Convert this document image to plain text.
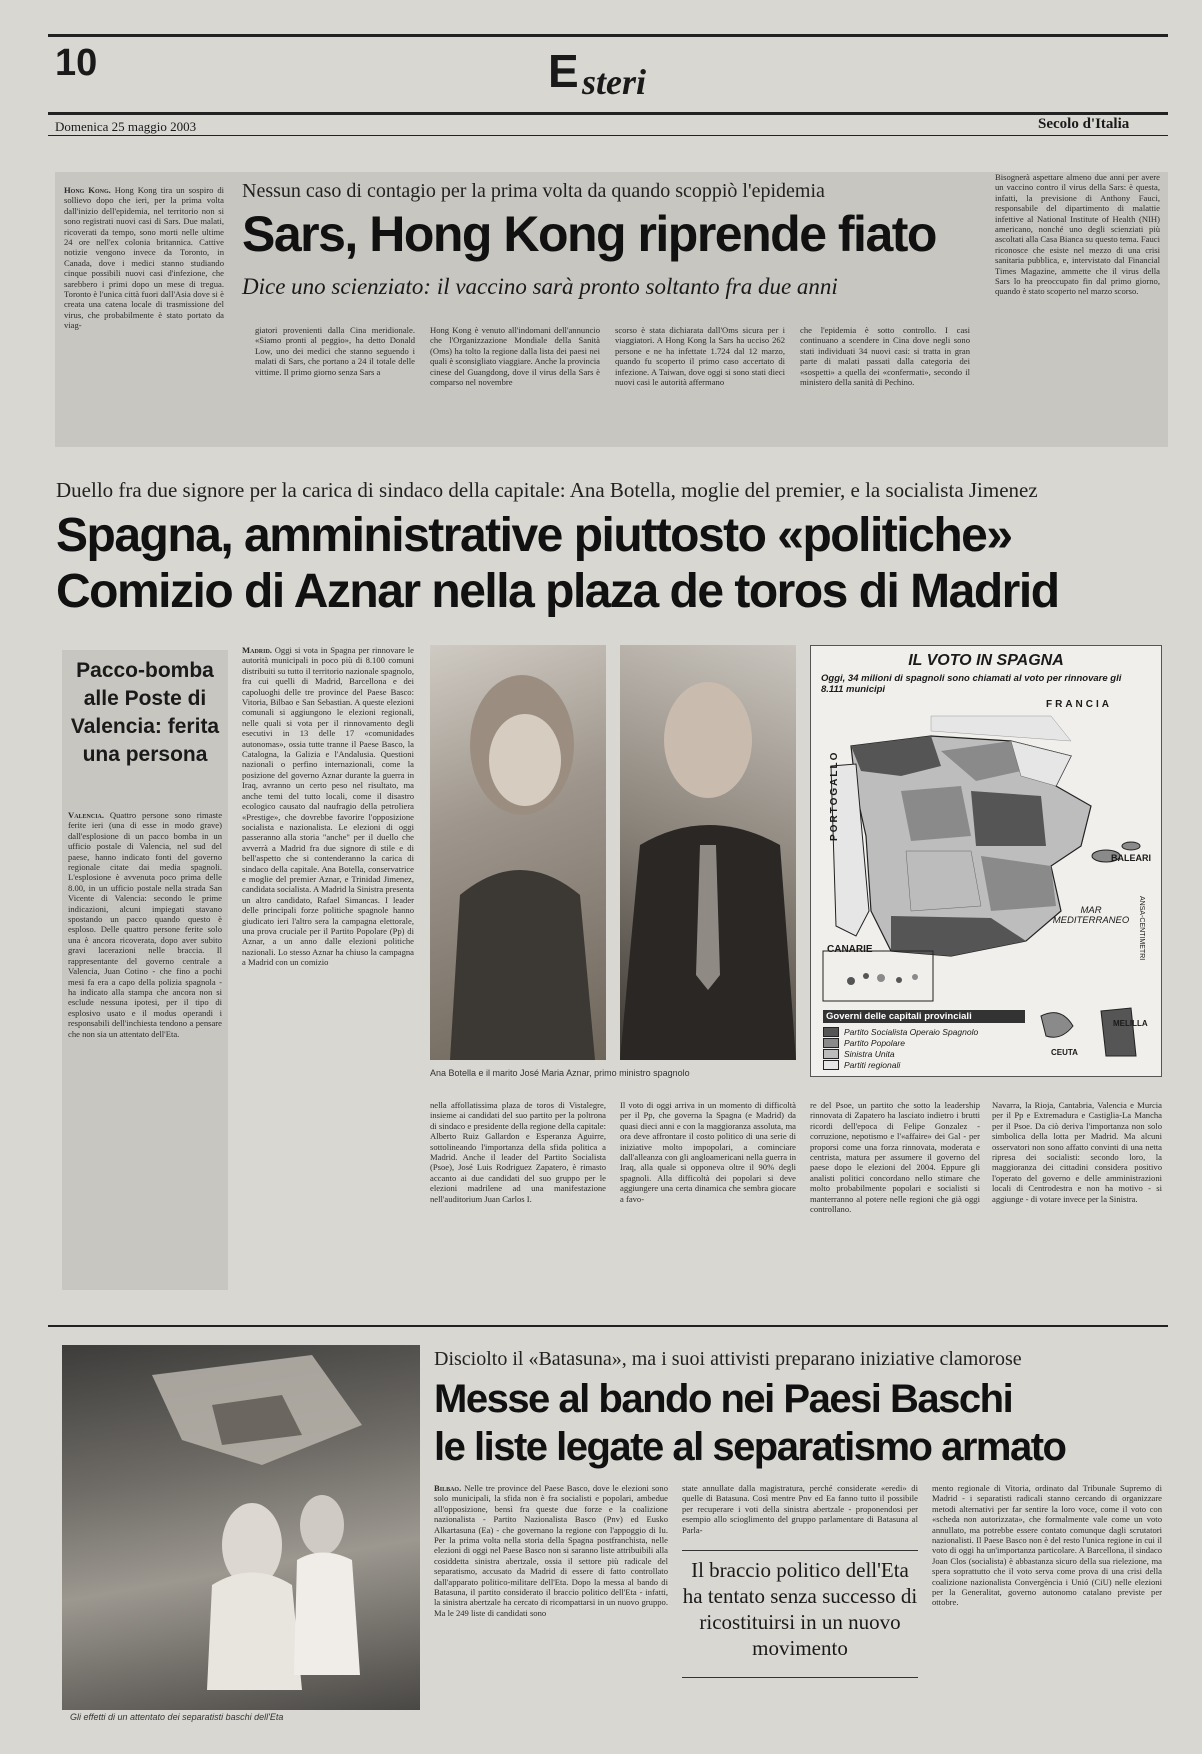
10	E steri
Domenica 25 maggio 2003	Secolo d'Italia
Hong Kong. Hong Kong tira un sospiro di sollievo dopo che ieri, per la prima volta dall'inizio dell'epidemia, nel territorio non si sono registrati nuovi casi di Sars. Due malati, ricoverati da tempo, sono morti nelle ultime 24 ore nell'ex colonia britannica. Cattive notizie vengono invece da Toronto, in Canada, dove i medici stanno studiando cinque possibili nuovi casi d'infezione, che sarebbero i primi dopo un mese di tregua. Toronto è l'unica città fuori dall'Asia dove si è creata una catena locale di trasmissione del virus, che probabilmente è stato portato da viag-
Nessun caso di contagio per la prima volta da quando scoppiò l'epidemia
Sars, Hong Kong riprende fiato
Dice uno scienziato: il vaccino sarà pronto soltanto fra due anni
giatori provenienti dalla Cina meridionale. «Siamo pronti al peggio», ha detto Donald Low, uno dei medici che stanno seguendo i malati di Sars, che portano a 24 il totale delle vittime. Il primo giorno senza Sars a
Hong Kong è venuto all'indomani dell'annuncio che l'Organizzazione Mondiale della Sanità (Oms) ha tolto la regione dalla lista dei paesi nei quali è sconsigliato viaggiare. Anche la provincia cinese del Guangdong, dove il virus della Sars è comparso nel novembre
scorso è stata dichiarata dall'Oms sicura per i viaggiatori. A Hong Kong la Sars ha ucciso 262 persone e ne ha infettate 1.724 dal 12 marzo, quando fu scoperto il primo caso accertato di infezione. A Taiwan, dove oggi si sono stati dieci nuovi casi le autorità affermano
che l'epidemia è sotto controllo. I casi continuano a scendere in Cina dove negli sono stati individuati 34 nuovi casi: si tratta in gran parte di malati passati dalla categoria dei «sospetti» a quella dei «confermati», secondo il ministero della sanità di Pechino.
Bisognerà aspettare almeno due anni per avere un vaccino contro il virus della Sars: è questa, infatti, la previsione di Anthony Fauci, responsabile del dipartimento di malattie infettive al National Institute of Health (NIH) americano, nonché uno degli scienziati più ascoltati alla Casa Bianca su questo tema. Fauci riconosce che esiste nel mezzo di una crisi sanitaria pubblica, e, intervistato dal Financial Times Magazine, ammette che il virus della Sars lo ha preoccupato fin dal primo giorno, quando è stato scoperto nel marzo scorso.
Duello fra due signore per la carica di sindaco della capitale: Ana Botella, moglie del premier, e la socialista Jimenez
Spagna, amministrative piuttosto «politiche»
Comizio di Aznar nella plaza de toros di Madrid
Pacco-bomba alle Poste di Valencia: ferita una persona
Valencia. Quattro persone sono rimaste ferite ieri (una di esse in modo grave) dall'esplosione di un pacco bomba in un ufficio postale di Valencia, nel sud del paese, hanno indicato fonti del governo regionale citate dai media spagnoli. L'esplosione è avvenuta poco prima delle 8.00, in un ufficio postale nella strada San Vicente di Valencia: secondo le prime indicazioni, alcuni impiegati stavano spostando un pacco quando questo è esploso. Delle quattro persone ferite solo una è ancora ricoverata, dopo aver subito gravi lacerazioni nelle braccia. Il rappresentante del governo centrale a Valencia, Juan Cotino - che fino a pochi mesi fa era a capo della polizia spagnola - ha indicato alla stampa che ancora non si esclude nessuna ipotesi, per il tipo di esplosivo usato e il modus operandi i responsabili dell'inchiesta tendono a pensare che non sia un attentato dell'Eta.
Madrid. Oggi si vota in Spagna per rinnovare le autorità municipali in poco più di 8.100 comuni distribuiti su tutto il territorio nazionale spagnolo, fra cui quelli di Madrid, Barcellona e dei capoluoghi delle tre province del Paese Basco: Vitoria, Bilbao e San Sebastian. A queste elezioni comunali si aggiungono le elezioni regionali, nelle quali si vota per il rinnovamento degli esecutivi in 13 delle 17 «comunidades autonomas», ossia tutte tranne il Paese Basco, la Catalogna, la Galizia e l'Andalusia. Questioni nazionali o perfino internazionali, come la posizione del governo Aznar durante la guerra in Iraq, avranno un certo peso nel risultato, ma anche temi del tutto locali, come il disastro ecologico causato dal naufragio della petroliera «Prestige», che dovrebbe favorire l'opposizione socialista e nazionalista. Le elezioni di oggi passeranno alla storia "anche" per il duello che avverrà a Madrid fra due signore di stile e di bell'aspetto che si contenderanno la carica di sindaco della capitale. Ana Botella, conservatrice e moglie del premier Aznar, e Trinidad Jimenez, candidata socialista. A Madrid la Sinistra presenta un altro candidato, Rafael Simancas. I leader delle principali forze politiche spagnole hanno giudicato ieri l'altro sera la campagna elettorale, una prova cruciale per il Partito Popolare (Pp) di Aznar, a un anno dalle elezioni politiche nazionali. Lo stesso Aznar ha chiuso la campagna a Madrid con un comizio
Ana Botella e il marito José Maria Aznar, primo ministro spagnolo
IL VOTO IN SPAGNA
Oggi, 34 milioni di spagnoli sono chiamati al voto per rinnovare gli 8.111 municipi
FRANCIA
PORTOGALLO
BALEARI
MAR MEDITERRANEO
CANARIE
CEUTA
MELILLA
ANSA-CENTIMETRI
Governi delle capitali provinciali
Partito Socialista Operaio Spagnolo
Partito Popolare
Sinistra Unita
Partiti regionali
nella affollatissima plaza de toros di Vistalegre, insieme ai candidati del suo partito per la poltrona di sindaco e presidente della regione della capitale: Alberto Ruiz Gallardon e Esperanza Aguirre, sottolineando l'importanza della sfida politica a Madrid. Anche il leader del Partito Socialista (Psoe), José Luis Rodriguez Zapatero, è rimasto accanto ai due candidati del suo gruppo per le elezioni madrilene ad una manifestazione nell'auditorium Juan Carlos I.
Il voto di oggi arriva in un momento di difficoltà per il Pp, che governa la Spagna (e Madrid) da quasi dieci anni e con la maggioranza assoluta, ma ora deve affrontare il costo politico di una serie di iniziative molto impopolari, a cominciare dall'alleanza con gli angloamericani nella guerra in Iraq, alla quale si opponeva oltre il 90% degli spagnoli. Alla difficoltà dei popolari si deve aggiungere una certa dinamica che sembra giocare a favo-
re del Psoe, un partito che sotto la leadership rinnovata di Zapatero ha lasciato indietro i brutti ricordi dell'epoca di Felipe Gonzalez - corruzione, nepotismo e l'«affaire» dei Gal - per proporsi come una forza rinnovata, moderata e centrista, matura per assumere il governo del paese dopo le elezioni del 2004. Eppure gli analisti politici concordano nello stimare che molto probabilmente popolari e socialisti si manterranno al potere nelle regioni che già oggi controllano.
Navarra, la Rioja, Cantabria, Valencia e Murcia per il Pp e Extremadura e Castiglia-La Mancha per il Psoe. Da ciò deriva l'importanza non solo simbolica della lotta per Madrid. Ma alcuni osservatori non sono affatto convinti di una netta ripresa dei socialisti: secondo loro, la maggioranza dei cittadini considera positivo l'operato del governo e delle amministrazioni locali di Centrodestra e non ha motivo - si aggiunge - di votare invece per la Sinistra.
Gli effetti di un attentato dei separatisti baschi dell'Eta
Disciolto il «Batasuna», ma i suoi attivisti preparano iniziative clamorose
Messe al bando nei Paesi Baschi
le liste legate al separatismo armato
Bilbao. Nelle tre province del Paese Basco, dove le elezioni sono solo municipali, la sfida non è fra socialisti e popolari, ambedue all'opposizione, bensì fra queste due forze e la coalizione nazionalista - Partito Nazionalista Basco (Pnv) ed Eusko Alkartasuna (Ea) - che governano la regione con l'appoggio di Iu. Per la prima volta nella storia della Spagna postfranchista, nelle elezioni di oggi nel Paese Basco non si saranno liste attribuibili alla cosiddetta sinistra abertzale, ossia il settore più radicale del separatismo, accusato da Madrid di essere di fatto controllato dall'apparato politico-militare dell'Eta. Dopo la messa al bando di Batasuna, il partito considerato il braccio politico dell'Eta - infatti, la sinistra abertzale ha cercato di ricompattarsi in un nuovo gruppo. Ma le 249 liste di candidati sono
state annullate dalla magistratura, perché considerate «eredi» di quelle di Batasuna. Così mentre Pnv ed Ea fanno tutto il possibile per recuperare i voti della sinistra abertzale - proponendosi per esempio allo scioglimento del gruppo parlamentare di Batasuna al Parla-
Il braccio politico dell'Eta ha tentato senza successo di ricostituirsi in un nuovo movimento
mento regionale di Vitoria, ordinato dal Tribunale Supremo di Madrid - i separatisti radicali stanno cercando di organizzare metodi alternativi per far sentire la loro voce, come il voto con «scheda non autorizzata», che formalmente vale come un voto annullato, ma potrebbe essere contato comunque dagli scrutatori nazionalisti. Il Paese Basco non è del resto l'unica regione in cui il voto di oggi ha un'importanza particolare. A Barcellona, il sindaco Joan Clos (socialista) è abbastanza sicuro della sua rielezione, ma spera soprattutto che il voto serva come prova di una crisi della coalizione nazionalista Convergència i Unió (CiU) nelle elezioni per la Generalitat, governo autonomo catalano previste per ottobre.
